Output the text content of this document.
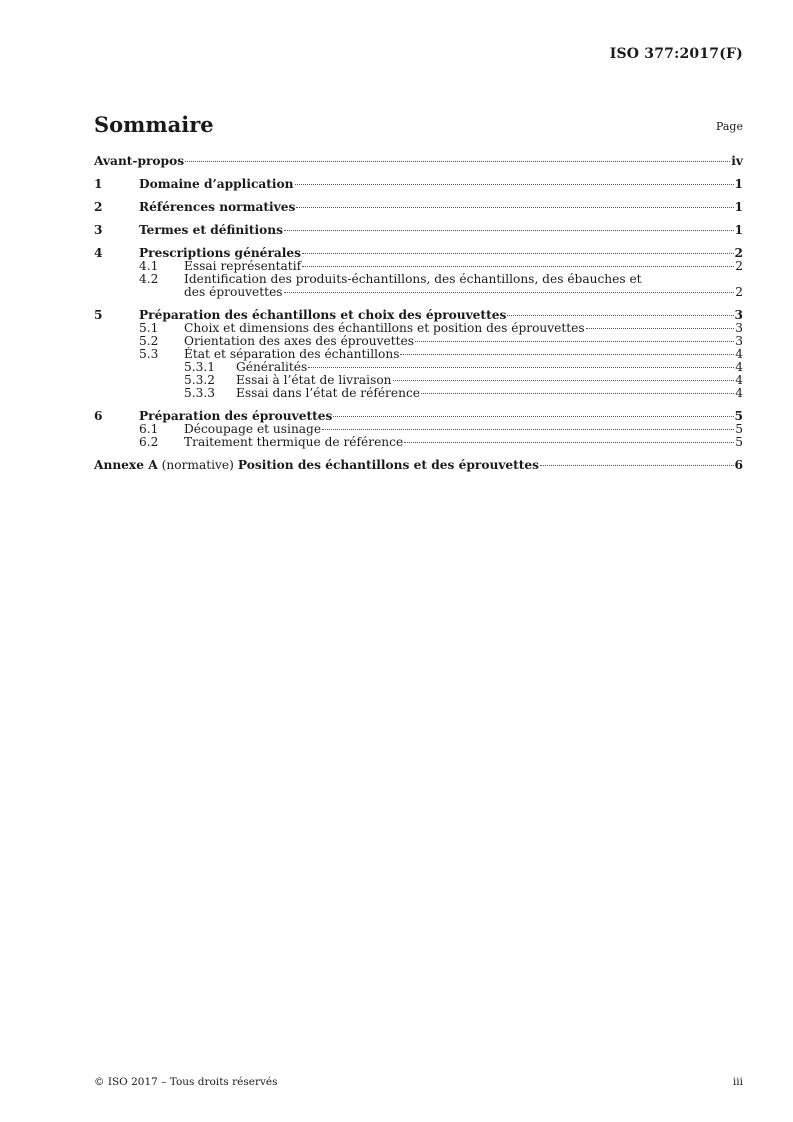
ISO 377:2017(F)
Sommaire	Page
Avant-propos	iv
1	Domaine d’application	1
2	Références normatives	1
3	Termes et définitions	1
4	Prescriptions générales	2
4.1	Essai représentatif	2
4.2	Identification des produits-échantillons, des échantillons, des ébauches et
des éprouvettes	2
5	Préparation des échantillons et choix des éprouvettes	3
5.1	Choix et dimensions des échantillons et position des éprouvettes	3
5.2	Orientation des axes des éprouvettes	3
5.3	État et séparation des échantillons	4
5.3.1	Généralités	4
5.3.2	Essai à l’état de livraison	4
5.3.3	Essai dans l’état de référence	4
6	Préparation des éprouvettes	5
6.1	Découpage et usinage	5
6.2	Traitement thermique de référence	5
Annexe A (normative) Position des échantillons et des éprouvettes	6
© ISO 2017 – Tous droits réservés	iii
